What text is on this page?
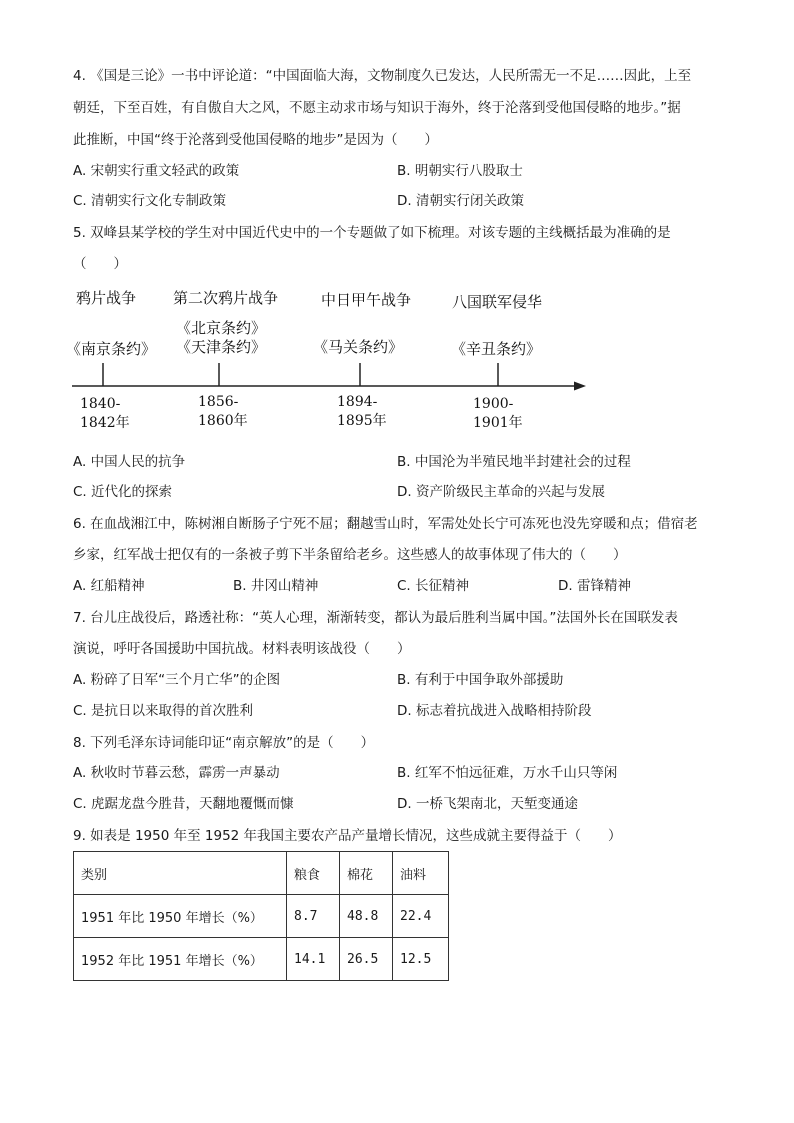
4. 《国是三论》一书中评论道：“中国面临大海，文物制度久已发达，人民所需无一不足……因此，上至
朝廷，下至百姓，有自傲自大之风，不愿主动求市场与知识于海外，终于沦落到受他国侵略的地步。”据
此推断，中国“终于沦落到受他国侵略的地步”是因为（　　）
A. 宋朝实行重文轻武的政策	B. 明朝实行八股取士
C. 清朝实行文化专制政策	D. 清朝实行闭关政策
5. 双峰县某学校的学生对中国近代史中的一个专题做了如下梳理。对该专题的主线概括最为准确的是
（　　）
鸦片战争 第二次鸦片战争	中日甲午战争	八国联军侵华
《北京条约》
《南京条约》 《天津条约》	《马关条约》	《辛丑条约》
1840-
1842年
1856-
1860年
1894-
1895年
1900-
1901年
A. 中国人民的抗争	B. 中国沦为半殖民地半封建社会的过程
C. 近代化的探索	D. 资产阶级民主革命的兴起与发展
6. 在血战湘江中，陈树湘自断肠子宁死不屈；翻越雪山时，军需处处长宁可冻死也没先穿暖和点；借宿老
乡家，红军战士把仅有的一条被子剪下半条留给老乡。这些感人的故事体现了伟大的（　　）
A. 红船精神	B. 井冈山精神	C. 长征精神	D. 雷锋精神
7. 台儿庄战役后，路透社称：“英人心理，渐渐转变，都认为最后胜利当属中国。”法国外长在国联发表
演说，呼吁各国援助中国抗战。材料表明该战役（　　）
A. 粉碎了日军“三个月亡华”的企图	B. 有利于中国争取外部援助
C. 是抗日以来取得的首次胜利	D. 标志着抗战进入战略相持阶段
8. 下列毛泽东诗词能印证“南京解放”的是（　　）
A. 秋收时节暮云愁，霹雳一声暴动	B. 红军不怕远征难，万水千山只等闲
C. 虎踞龙盘今胜昔，天翻地覆慨而慷	D. 一桥飞架南北，天堑变通途
9. 如表是 1950 年至 1952 年我国主要农产品产量增长情况，这些成就主要得益于（　　）
类别	粮食	棉花	油料
1951 年比 1950 年增长（%）	8.7	48.8	22.4
1952 年比 1951 年增长（%）	14.1	26.5	12.5
